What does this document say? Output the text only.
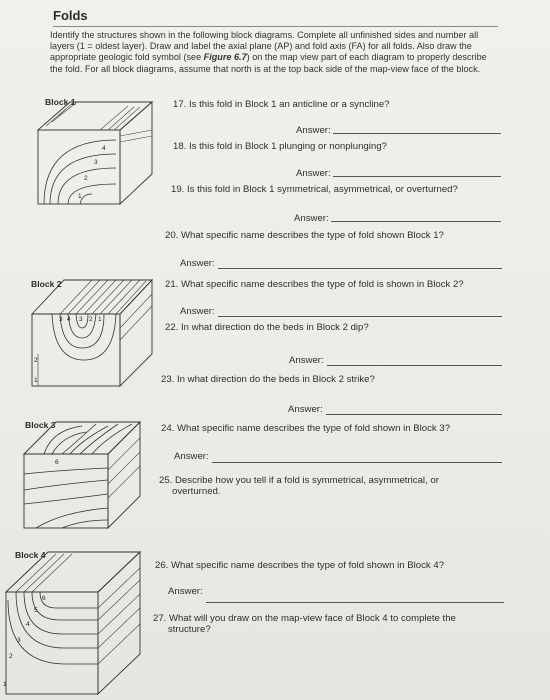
Folds
Identify the structures shown in the following block diagrams. Complete all unfinished sides and number all layers (1 = oldest layer). Draw and label the axial plane (AP) and fold axis (FA) for all folds. Also draw the appropriate geologic fold symbol (see Figure 6.7) on the map view part of each diagram to properly describe the fold. For all block diagrams, assume that north is at the top back side of the map-view face of the block.
Block 1
4
3
2
1
17. Is this fold in Block 1 an anticline or a syncline?
Answer:
18. Is this fold in Block 1 plunging or nonplunging?
Answer:
19. Is this fold in Block 1 symmetrical, asymmetrical, or overturned?
Answer:
20. What specific name describes the type of fold shown Block 1?
Answer:
Block 2
3 4 3 2 1
2
1
21. What specific name describes the type of fold is shown in Block 2?
Answer:
22. In what direction do the beds in Block 2 dip?
Answer:
23. In what direction do the beds in Block 2 strike?
Answer:
Block 3
6
24. What specific name describes the type of fold shown in Block 3?
Answer:
25. Describe how you tell if a fold is symmetrical, asymmetrical, or
overturned.
Block 4
6
5
4
3
2
1
26. What specific name describes the type of fold shown in Block 4?
Answer:
27. What will you draw on the map-view face of Block 4 to complete the
structure?
